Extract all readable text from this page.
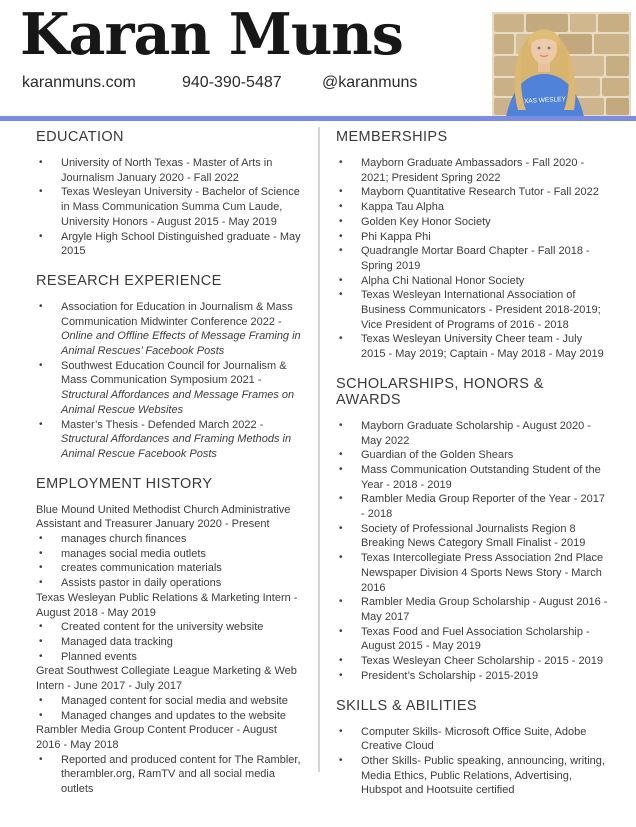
Karan Muns
karanmuns.com	940-390-5487	@karanmuns
XAS WESLEY
EDUCATION
•	University of North Texas - Master of Arts in Journalism January 2020 - Fall 2022
•	Texas Wesleyan University - Bachelor of Science in Mass Communication Summa Cum Laude, University Honors - August 2015 - May 2019
•	Argyle High School Distinguished graduate - May 2015
RESEARCH EXPERIENCE
•	Association for Education in Journalism & Mass Communication Midwinter Conference 2022 - Online and Offline Effects of Message Framing in Animal Rescues’ Facebook Posts
•	Southwest Education Council for Journalism & Mass Communication Symposium 2021 - Structural Affordances and Message Frames on Animal Rescue Websites
•	Master’s Thesis - Defended March 2022 - Structural Affordances and Framing Methods in Animal Rescue Facebook Posts
EMPLOYMENT HISTORY
Blue Mound United Methodist Church Administrative Assistant and Treasurer January 2020 - Present
•	manages church finances
•	manages social media outlets
•	creates communication materials
•	Assists pastor in daily operations
Texas Wesleyan Public Relations & Marketing Intern - August 2018 - May 2019
•	Created content for the university website
•	Managed data tracking
•	Planned events
Great Southwest Collegiate League Marketing & Web Intern - June 2017 - July 2017
•	Managed content for social media and website
•	Managed changes and updates to the website
Rambler Media Group Content Producer - August 2016 - May 2018
•	Reported and produced content for The Rambler, therambler.org, RamTV and all social media outlets
MEMBERSHIPS
•	Mayborn Graduate Ambassadors - Fall 2020 - 2021; President Spring 2022
•	Mayborn Quantitative Research Tutor - Fall 2022
•	Kappa Tau Alpha
•	Golden Key Honor Society
•	Phi Kappa Phi
•	Quadrangle Mortar Board Chapter - Fall 2018 - Spring 2019
•	Alpha Chi National Honor Society
•	Texas Wesleyan International Association of Business Communicators - President 2018-2019; Vice President of Programs of 2016 - 2018
•	Texas Wesleyan University Cheer team - July 2015 - May 2019; Captain - May 2018 - May 2019
SCHOLARSHIPS, HONORS & AWARDS
•	Mayborn Graduate Scholarship - August 2020 - May 2022
•	Guardian of the Golden Shears
•	Mass Communication Outstanding Student of the Year - 2018 - 2019
•	Rambler Media Group Reporter of the Year - 2017 - 2018
•	Society of Professional Journalists Region 8 Breaking News Category Small Finalist - 2019
•	Texas Intercollegiate Press Association 2nd Place Newspaper Division 4 Sports News Story - March 2016
•	Rambler Media Group Scholarship - August 2016 - May 2017
•	Texas Food and Fuel Association Scholarship - August 2015 - May 2019
•	Texas Wesleyan Cheer Scholarship - 2015 - 2019
•	President’s Scholarship - 2015-2019
SKILLS & ABILITIES
•	Computer Skills- Microsoft Office Suite, Adobe Creative Cloud
•	Other Skills- Public speaking, announcing, writing, Media Ethics, Public Relations, Advertising, Hubspot and Hootsuite certified
